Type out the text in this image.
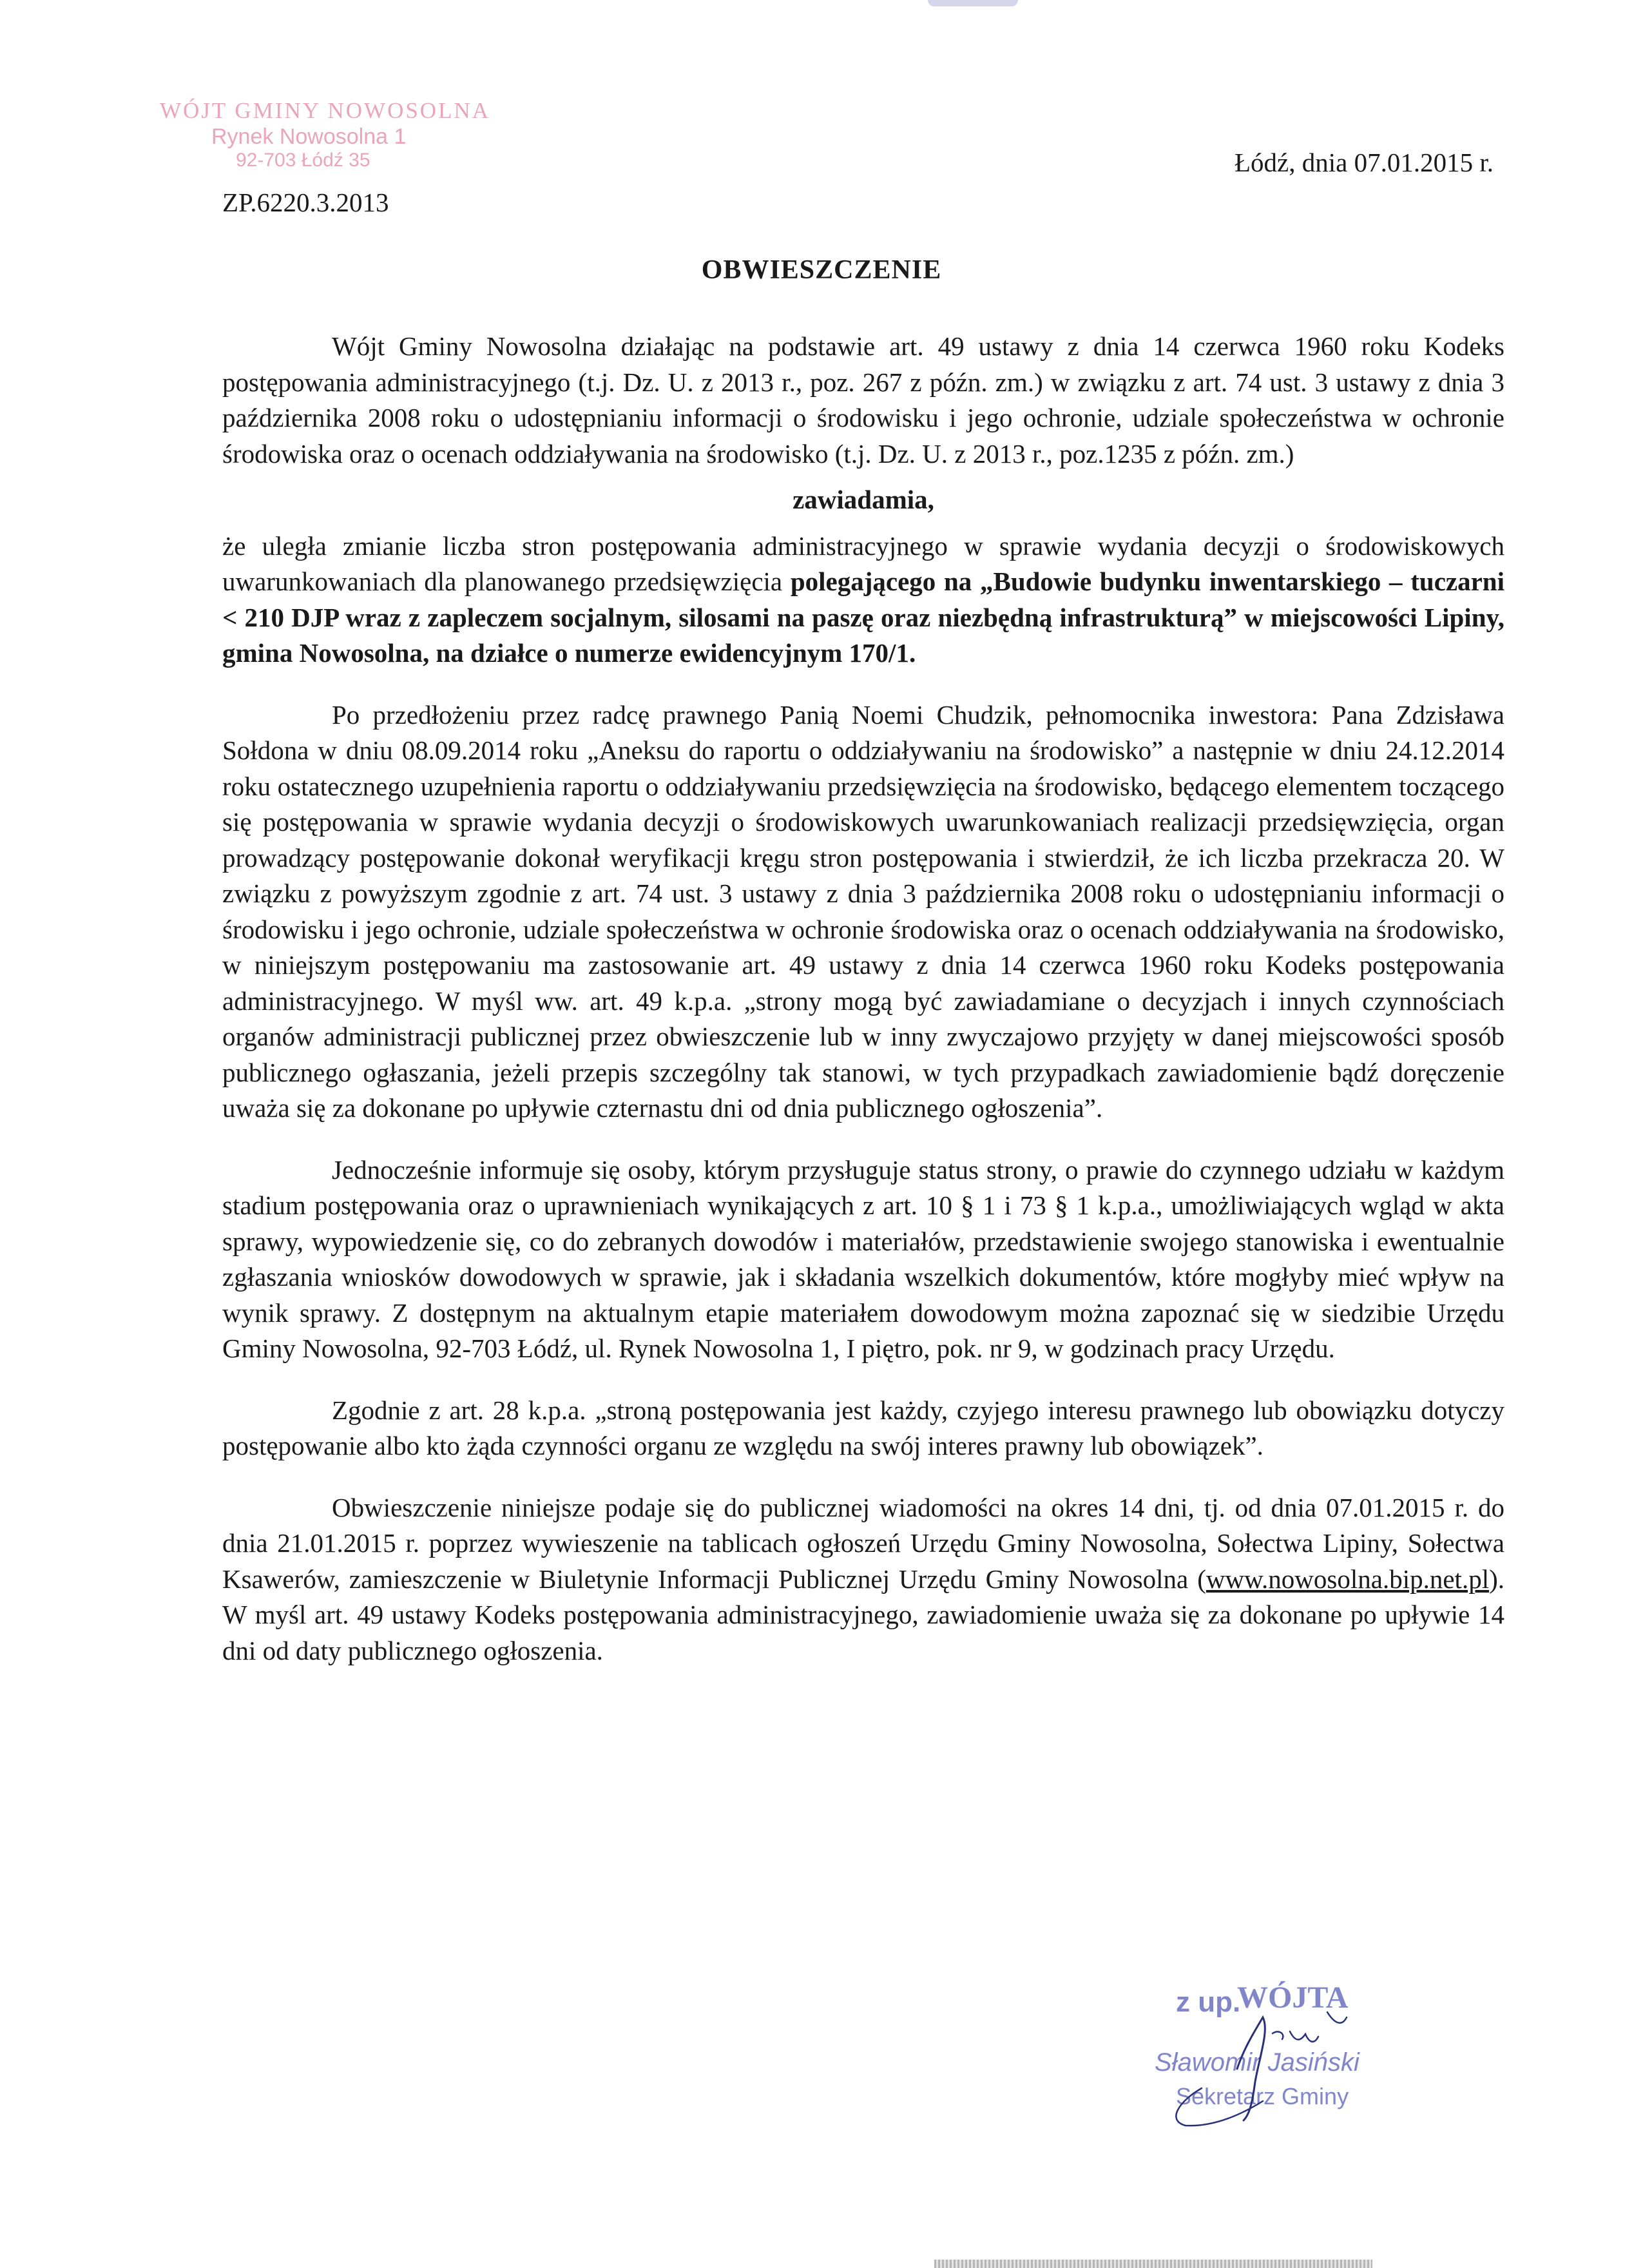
WÓJT GMINY NOWOSOLNA
Rynek Nowosolna 1
92-703 Łódź 35	Łódź, dnia 07.01.2015 r.
ZP.6220.3.2013
OBWIESZCZENIE

Wójt Gminy Nowosolna działając na podstawie art. 49 ustawy z dnia 14 czerwca 1960 roku Kodeks postępowania administracyjnego (t.j. Dz. U. z 2013 r., poz. 267 z późn. zm.) w związku z art. 74 ust. 3 ustawy z dnia 3 października 2008 roku o udostępnianiu informacji o środowisku i jego ochronie, udziale społeczeństwa w ochronie środowiska oraz o ocenach oddziaływania na środowisko (t.j. Dz. U. z 2013 r., poz.1235 z późn. zm.)

zawiadamia,

że uległa zmianie liczba stron postępowania administracyjnego w sprawie wydania decyzji o środowiskowych uwarunkowaniach dla planowanego przedsięwzięcia polegającego na „Budowie budynku inwentarskiego – tuczarni < 210 DJP wraz z zapleczem socjalnym, silosami na paszę oraz niezbędną infrastrukturą” w miejscowości Lipiny, gmina Nowosolna, na działce o numerze ewidencyjnym 170/1.

Po przedłożeniu przez radcę prawnego Panią Noemi Chudzik, pełnomocnika inwestora: Pana Zdzisława Sołdona w dniu 08.09.2014 roku „Aneksu do raportu o oddziaływaniu na środowisko” a następnie w dniu 24.12.2014 roku ostatecznego uzupełnienia raportu o oddziaływaniu przedsięwzięcia na środowisko, będącego elementem toczącego się postępowania w sprawie wydania decyzji o środowiskowych uwarunkowaniach realizacji przedsięwzięcia, organ prowadzący postępowanie dokonał weryfikacji kręgu stron postępowania i stwierdził, że ich liczba przekracza 20. W związku z powyższym zgodnie z art. 74 ust. 3 ustawy z dnia 3 października 2008 roku o udostępnianiu informacji o środowisku i jego ochronie, udziale społeczeństwa w ochronie środowiska oraz o ocenach oddziaływania na środowisko, w niniejszym postępowaniu ma zastosowanie art. 49 ustawy z dnia 14 czerwca 1960 roku Kodeks postępowania administracyjnego. W myśl ww. art. 49 k.p.a. „strony mogą być zawiadamiane o decyzjach i innych czynnościach organów administracji publicznej przez obwieszczenie lub w inny zwyczajowo przyjęty w danej miejscowości sposób publicznego ogłaszania, jeżeli przepis szczególny tak stanowi, w tych przypadkach zawiadomienie bądź doręczenie uważa się za dokonane po upływie czternastu dni od dnia publicznego ogłoszenia”.

Jednocześnie informuje się osoby, którym przysługuje status strony, o prawie do czynnego udziału w każdym stadium postępowania oraz o uprawnieniach wynikających z art. 10 § 1 i 73 § 1 k.p.a., umożliwiających wgląd w akta sprawy, wypowiedzenie się, co do zebranych dowodów i materiałów, przedstawienie swojego stanowiska i ewentualnie zgłaszania wniosków dowodowych w sprawie, jak i składania wszelkich dokumentów, które mogłyby mieć wpływ na wynik sprawy. Z dostępnym na aktualnym etapie materiałem dowodowym można zapoznać się w siedzibie Urzędu Gminy Nowosolna, 92-703 Łódź, ul. Rynek Nowosolna 1, I piętro, pok. nr 9, w godzinach pracy Urzędu.

Zgodnie z art. 28 k.p.a. „stroną postępowania jest każdy, czyjego interesu prawnego lub obowiązku dotyczy postępowanie albo kto żąda czynności organu ze względu na swój interes prawny lub obowiązek”.

Obwieszczenie niniejsze podaje się do publicznej wiadomości na okres 14 dni, tj. od dnia 07.01.2015 r. do dnia 21.01.2015 r. poprzez wywieszenie na tablicach ogłoszeń Urzędu Gminy Nowosolna, Sołectwa Lipiny, Sołectwa Ksawerów, zamieszczenie w Biuletynie Informacji Publicznej Urzędu Gminy Nowosolna (www.nowosolna.bip.net.pl). W myśl art. 49 ustawy Kodeks postępowania administracyjnego, zawiadomienie uważa się za dokonane po upływie 14 dni od daty publicznego ogłoszenia.

z up.
WÓJTA
Sławomir Jasiński
Sekretarz Gminy
